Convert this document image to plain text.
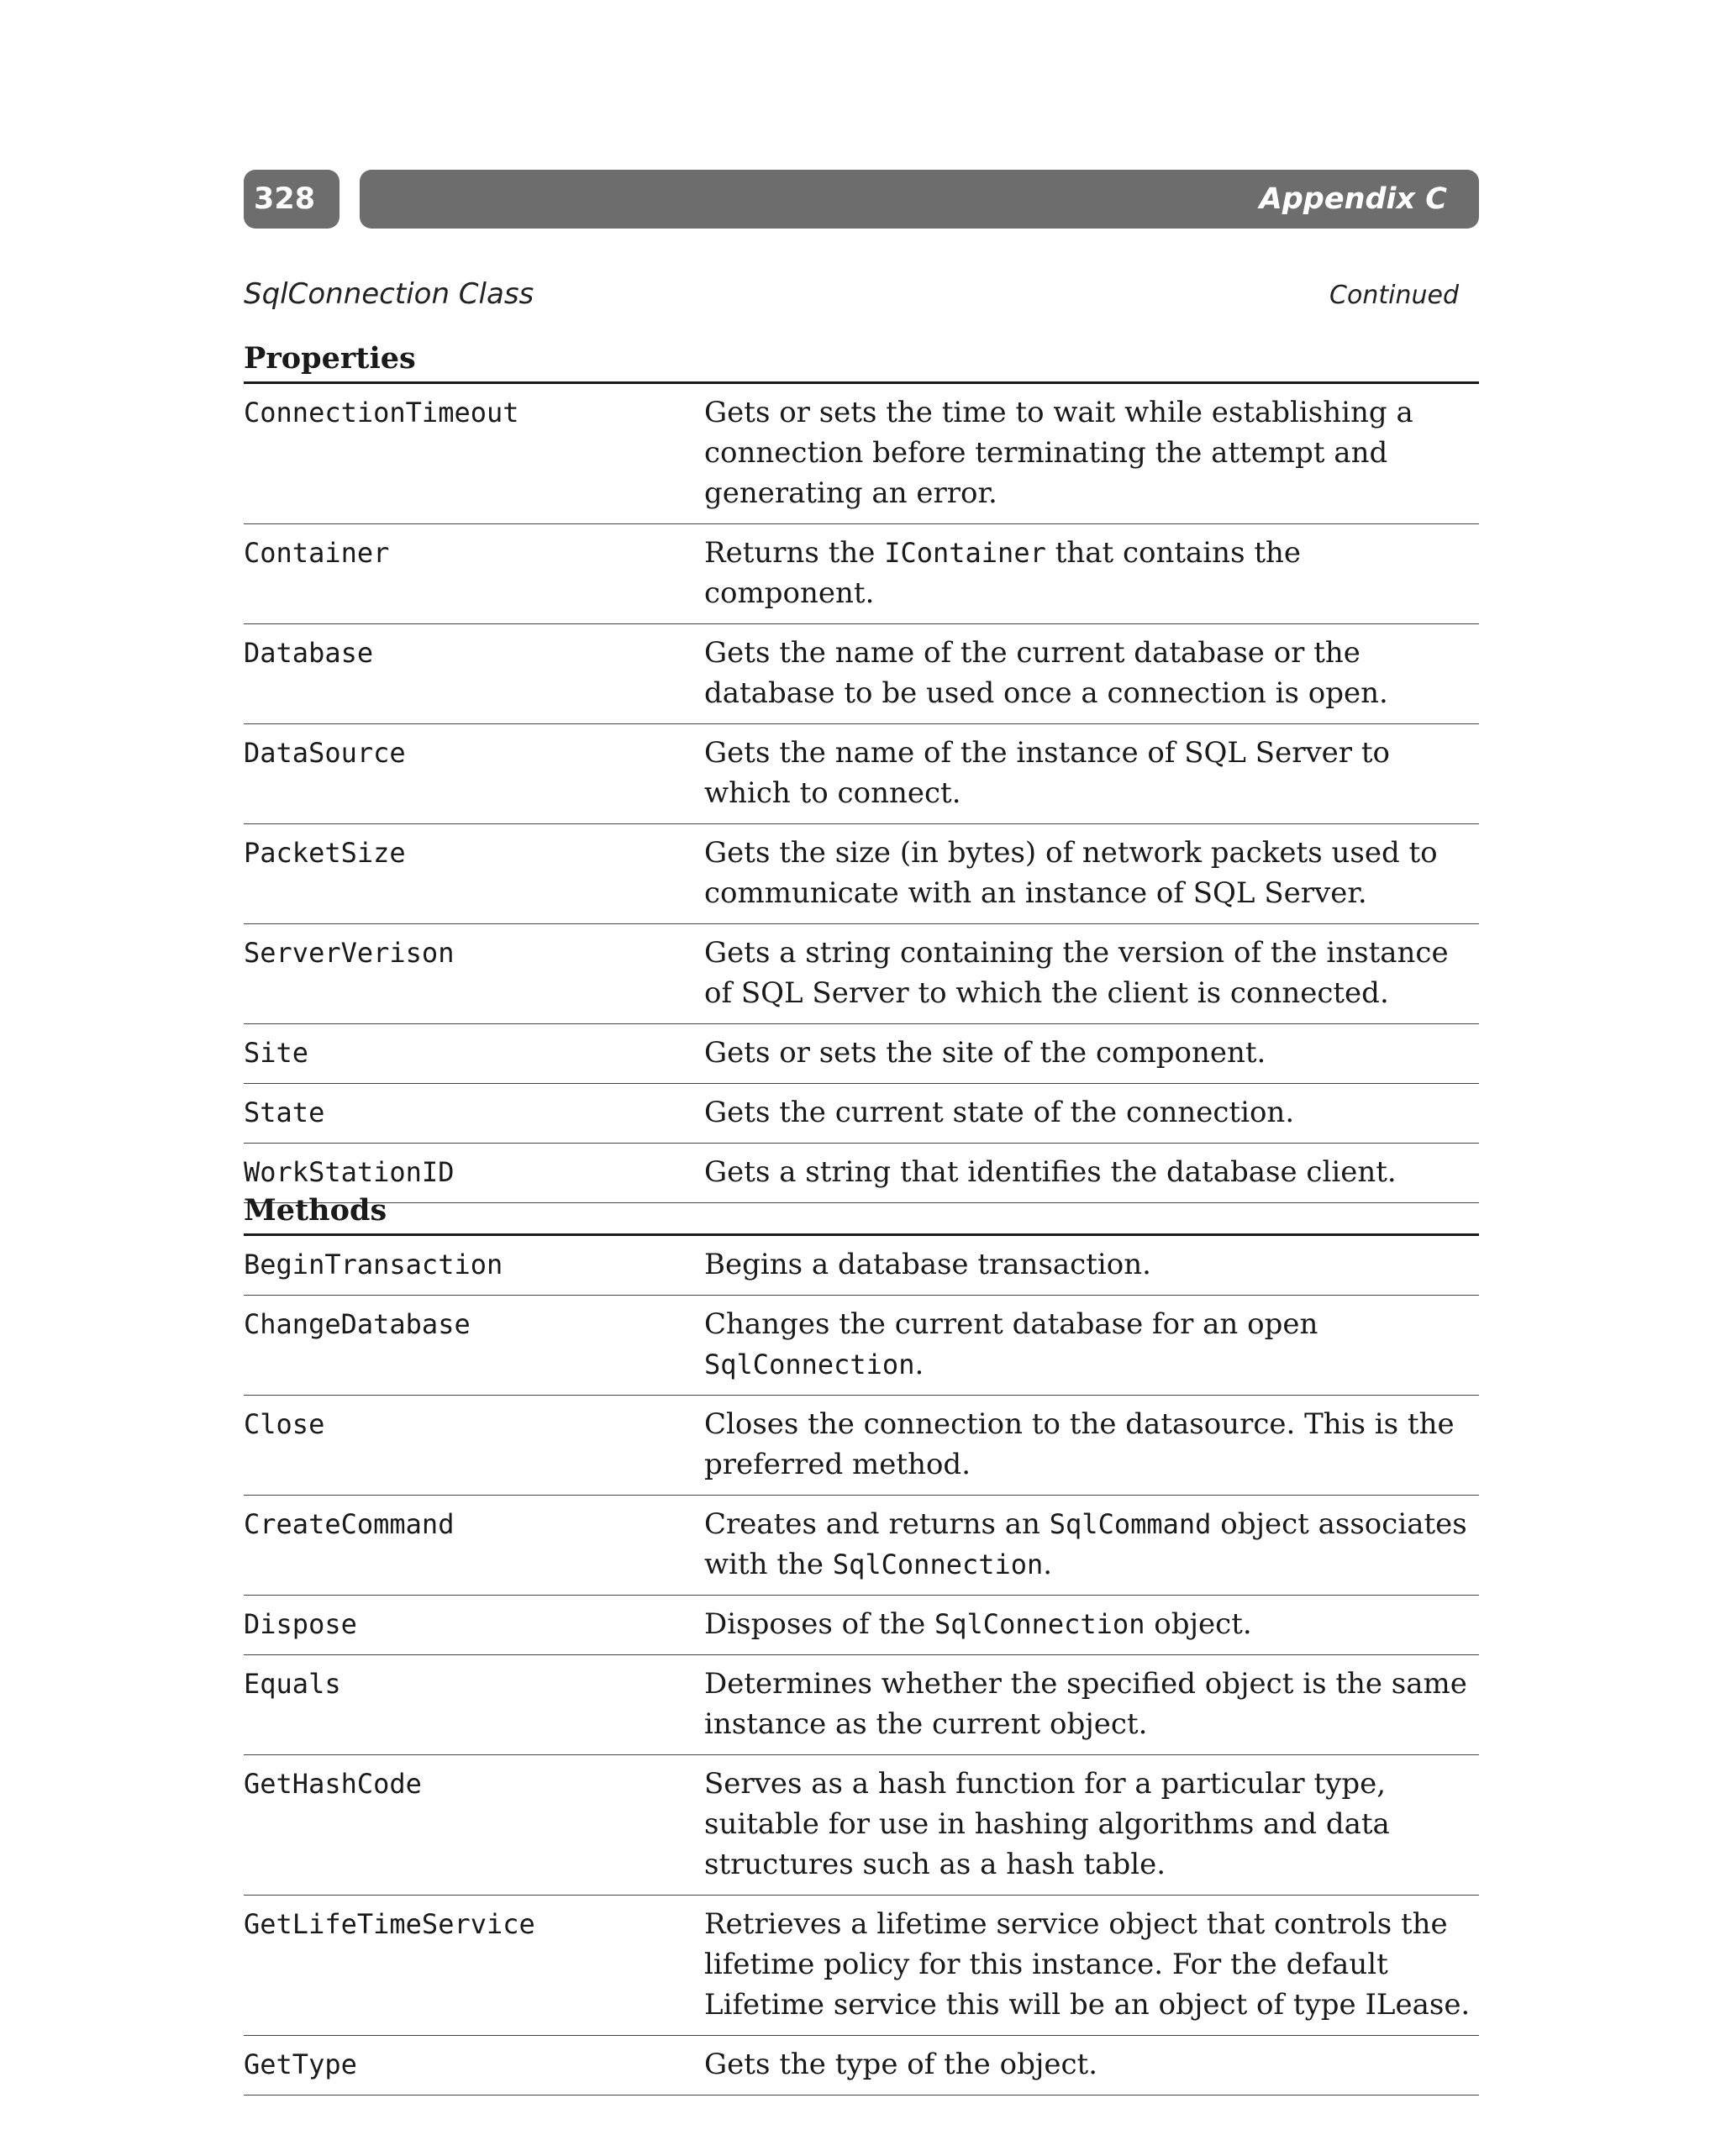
328	Appendix C
SqlConnection Class	Continued
Properties
ConnectionTimeout	Gets or sets the time to wait while establishing a connection before terminating the attempt and generating an error.
Container	Returns the IContainer that contains the component.
Database	Gets the name of the current database or the database to be used once a connection is open.
DataSource	Gets the name of the instance of SQL Server to which to connect.
PacketSize	Gets the size (in bytes) of network packets used to communicate with an instance of SQL Server.
ServerVerison	Gets a string containing the version of the instance of SQL Server to which the client is connected.
Site	Gets or sets the site of the component.
State	Gets the current state of the connection.
WorkStationID	Gets a string that identifies the database client.
Methods
BeginTransaction	Begins a database transaction.
ChangeDatabase	Changes the current database for an open SqlConnection.
Close	Closes the connection to the datasource. This is the preferred method.
CreateCommand	Creates and returns an SqlCommand object associates with the SqlConnection.
Dispose	Disposes of the SqlConnection object.
Equals	Determines whether the specified object is the same instance as the current object.
GetHashCode	Serves as a hash function for a particular type, suitable for use in hashing algorithms and data structures such as a hash table.
GetLifeTimeService	Retrieves a lifetime service object that controls the lifetime policy for this instance. For the default Lifetime service this will be an object of type ILease.
GetType	Gets the type of the object.
